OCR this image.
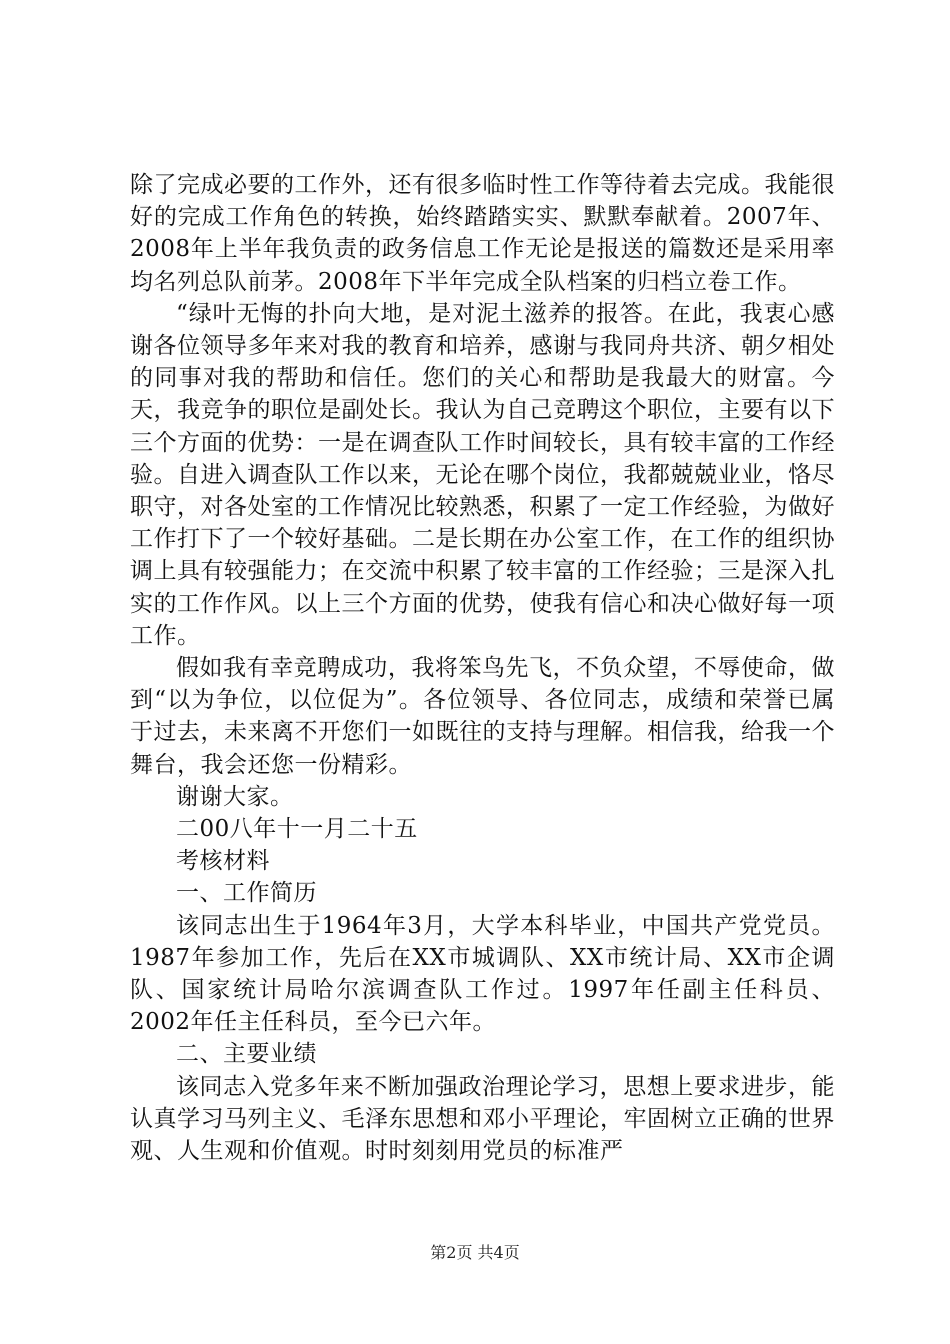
除了完成必要的工作外，还有很多临时性工作等待着去完成。我能很好的完成工作角色的转换，始终踏踏实实、默默奉献着。2007年、2008年上半年我负责的政务信息工作无论是报送的篇数还是采用率均名列总队前茅。2008年下半年完成全队档案的归档立卷工作。

“绿叶无悔的扑向大地，是对泥土滋养的报答。在此，我衷心感谢各位领导多年来对我的教育和培养，感谢与我同舟共济、朝夕相处的同事对我的帮助和信任。您们的关心和帮助是我最大的财富。今天，我竞争的职位是副处长。我认为自己竞聘这个职位，主要有以下三个方面的优势：一是在调查队工作时间较长，具有较丰富的工作经验。自进入调查队工作以来，无论在哪个岗位，我都兢兢业业，恪尽职守，对各处室的工作情况比较熟悉，积累了一定工作经验，为做好工作打下了一个较好基础。二是长期在办公室工作，在工作的组织协调上具有较强能力；在交流中积累了较丰富的工作经验；三是深入扎实的工作作风。以上三个方面的优势，使我有信心和决心做好每一项工作。

假如我有幸竞聘成功，我将笨鸟先飞，不负众望，不辱使命，做到“以为争位，以位促为”。各位领导、各位同志，成绩和荣誉已属于过去，未来离不开您们一如既往的支持与理解。相信我，给我一个舞台，我会还您一份精彩。

谢谢大家。

二00八年十一月二十五

考核材料

一、工作简历

该同志出生于1964年3月，大学本科毕业，中国共产党党员。1987年参加工作，先后在XX市城调队、XX市统计局、XX市企调队、国家统计局哈尔滨调查队工作过。1997年任副主任科员、2002年任主任科员，至今已六年。

二、主要业绩

该同志入党多年来不断加强政治理论学习，思想上要求进步，能认真学习马列主义、毛泽东思想和邓小平理论，牢固树立正确的世界观、人生观和价值观。时时刻刻用党员的标准严

第2页 共4页
